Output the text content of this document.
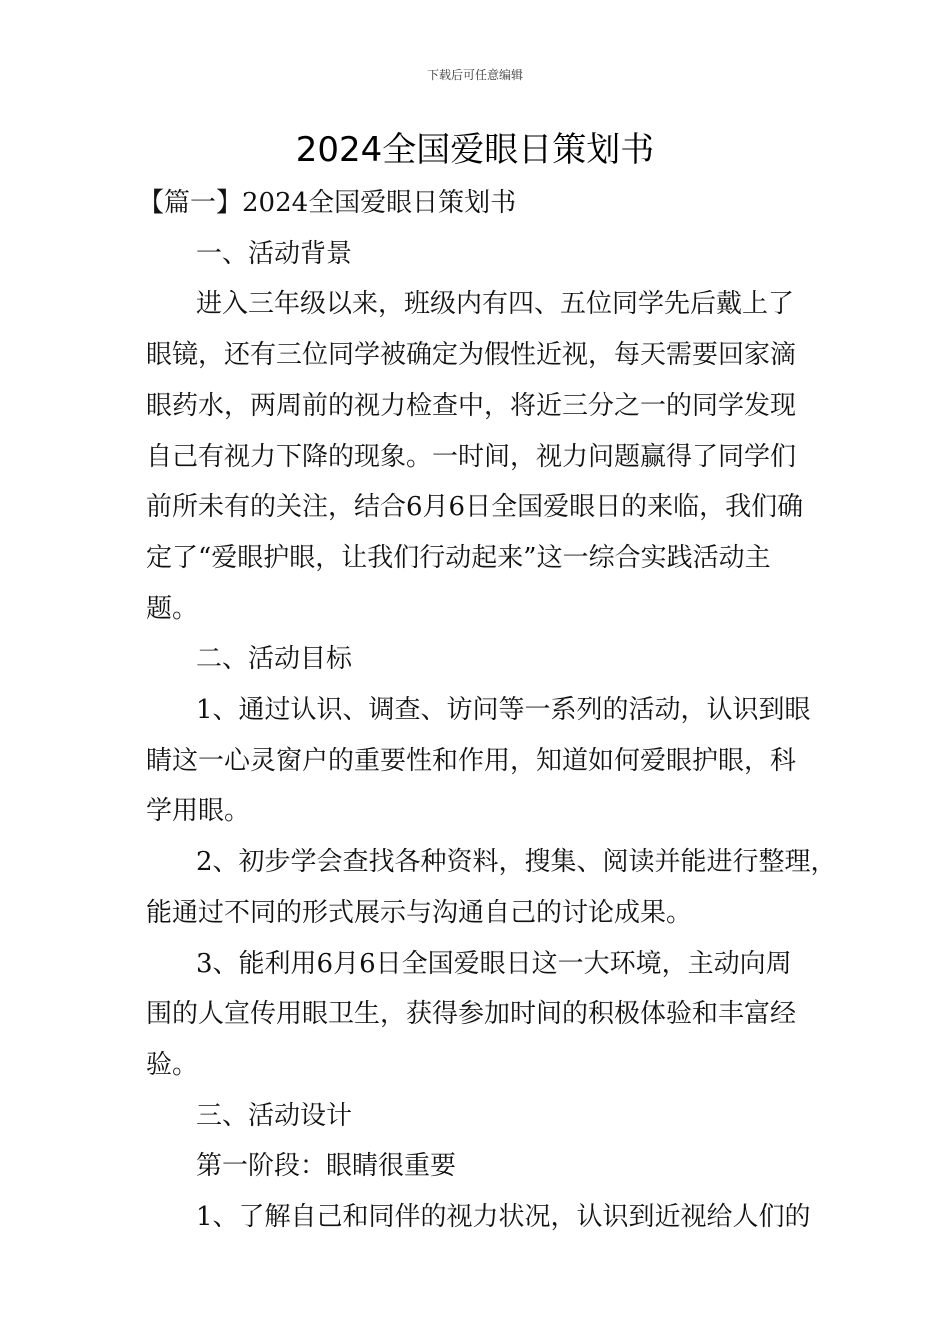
下载后可任意编辑
2024全国爱眼日策划书

【篇一】2024全国爱眼日策划书

一、活动背景

进入三年级以来，班级内有四、五位同学先后戴上了

眼镜，还有三位同学被确定为假性近视，每天需要回家滴

眼药水，两周前的视力检查中，将近三分之一的同学发现

自己有视力下降的现象。一时间，视力问题赢得了同学们

前所未有的关注，结合6月6日全国爱眼日的来临，我们确

定了“爱眼护眼，让我们行动起来”这一综合实践活动主

题。

二、活动目标

1、通过认识、调查、访问等一系列的活动，认识到眼

睛这一心灵窗户的重要性和作用，知道如何爱眼护眼，科

学用眼。

2、初步学会查找各种资料，搜集、阅读并能进行整理，

能通过不同的形式展示与沟通自己的讨论成果。

3、能利用6月6日全国爱眼日这一大环境，主动向周

围的人宣传用眼卫生，获得参加时间的积极体验和丰富经

验。

三、活动设计

第一阶段：眼睛很重要

1、了解自己和同伴的视力状况，认识到近视给人们的
